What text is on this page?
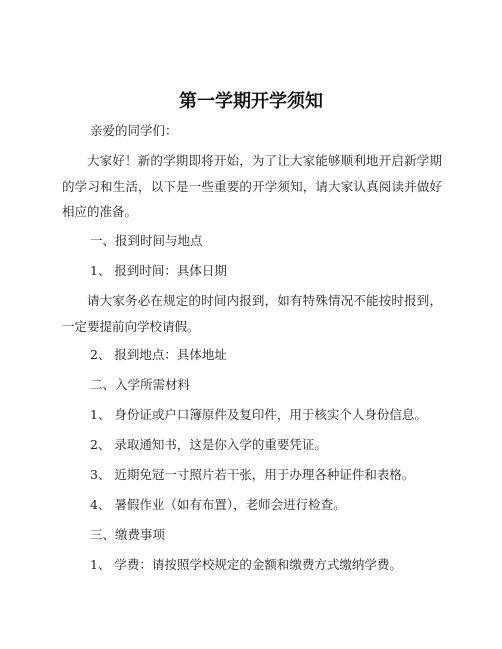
第一学期开学须知

亲爱的同学们：

大家好！新的学期即将开始，为了让大家能够顺利地开启新学期的学习和生活，以下是一些重要的开学须知，请大家认真阅读并做好相应的准备。

一、报到时间与地点

1、 报到时间：具体日期

请大家务必在规定的时间内报到，如有特殊情况不能按时报到，一定要提前向学校请假。

2、 报到地点：具体地址

二、入学所需材料

1、 身份证或户口簿原件及复印件，用于核实个人身份信息。

2、 录取通知书，这是你入学的重要凭证。

3、 近期免冠一寸照片若干张，用于办理各种证件和表格。

4、 暑假作业（如有布置），老师会进行检查。

三、缴费事项

1、 学费：请按照学校规定的金额和缴费方式缴纳学费。
